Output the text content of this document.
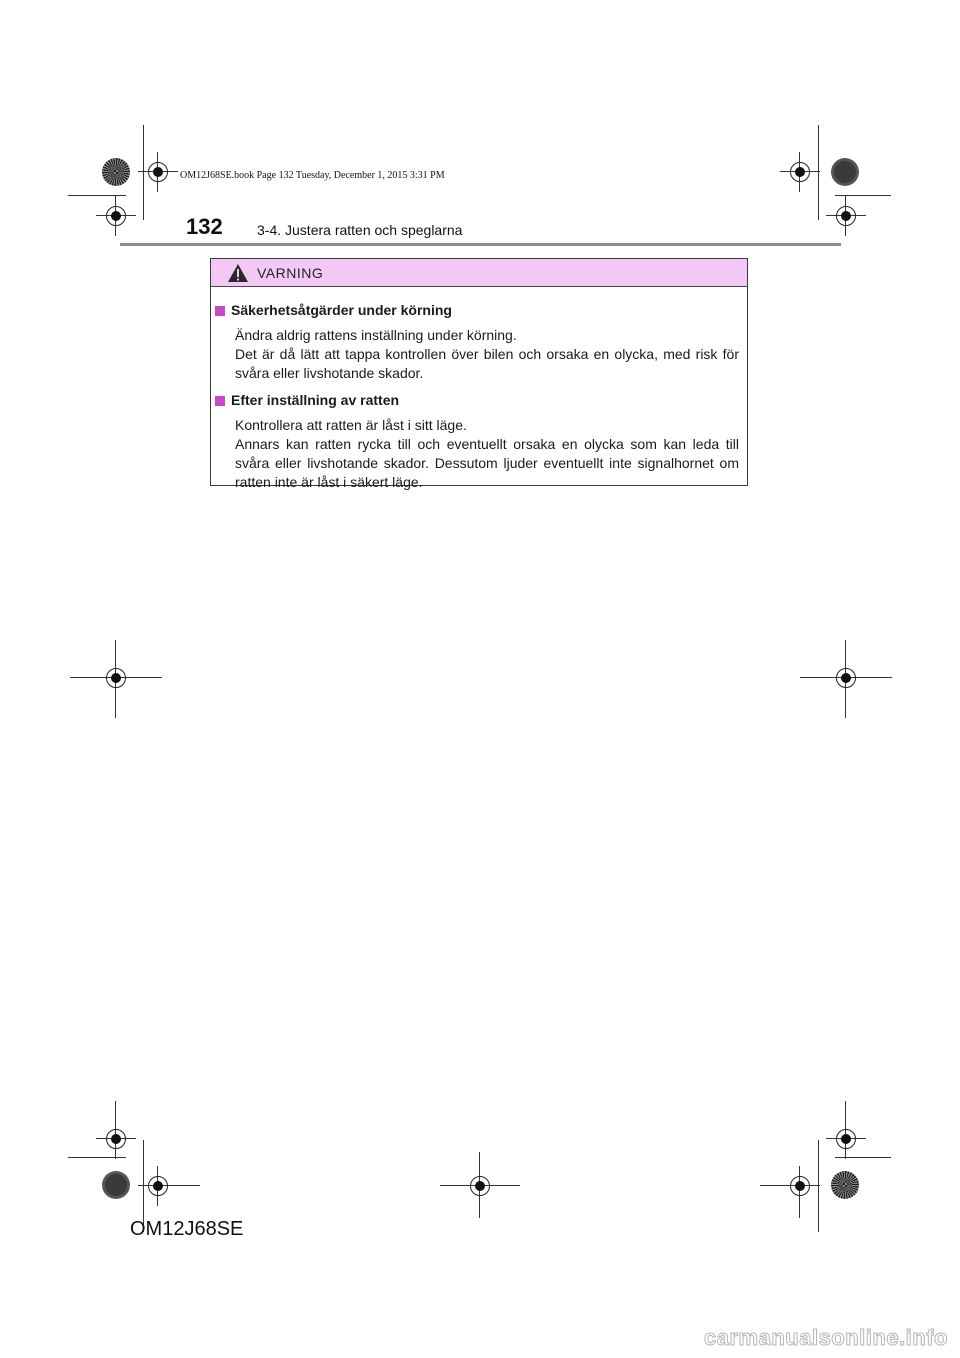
OM12J68SE.book Page 132 Tuesday, December 1, 2015 3:31 PM
132 3-4. Justera ratten och speglarna
VARNING
Säkerhetsåtgärder under körning

Ändra aldrig rattens inställning under körning.

Det är då lätt att tappa kontrollen över bilen och orsaka en olycka, med risk för svåra eller livshotande skador.

Efter inställning av ratten

Kontrollera att ratten är låst i sitt läge.

Annars kan ratten rycka till och eventuellt orsaka en olycka som kan leda till svåra eller livshotande skador. Dessutom ljuder eventuellt inte signalhornet om ratten inte är låst i säkert läge.

OM12J68SE
carmanualsonline.info
